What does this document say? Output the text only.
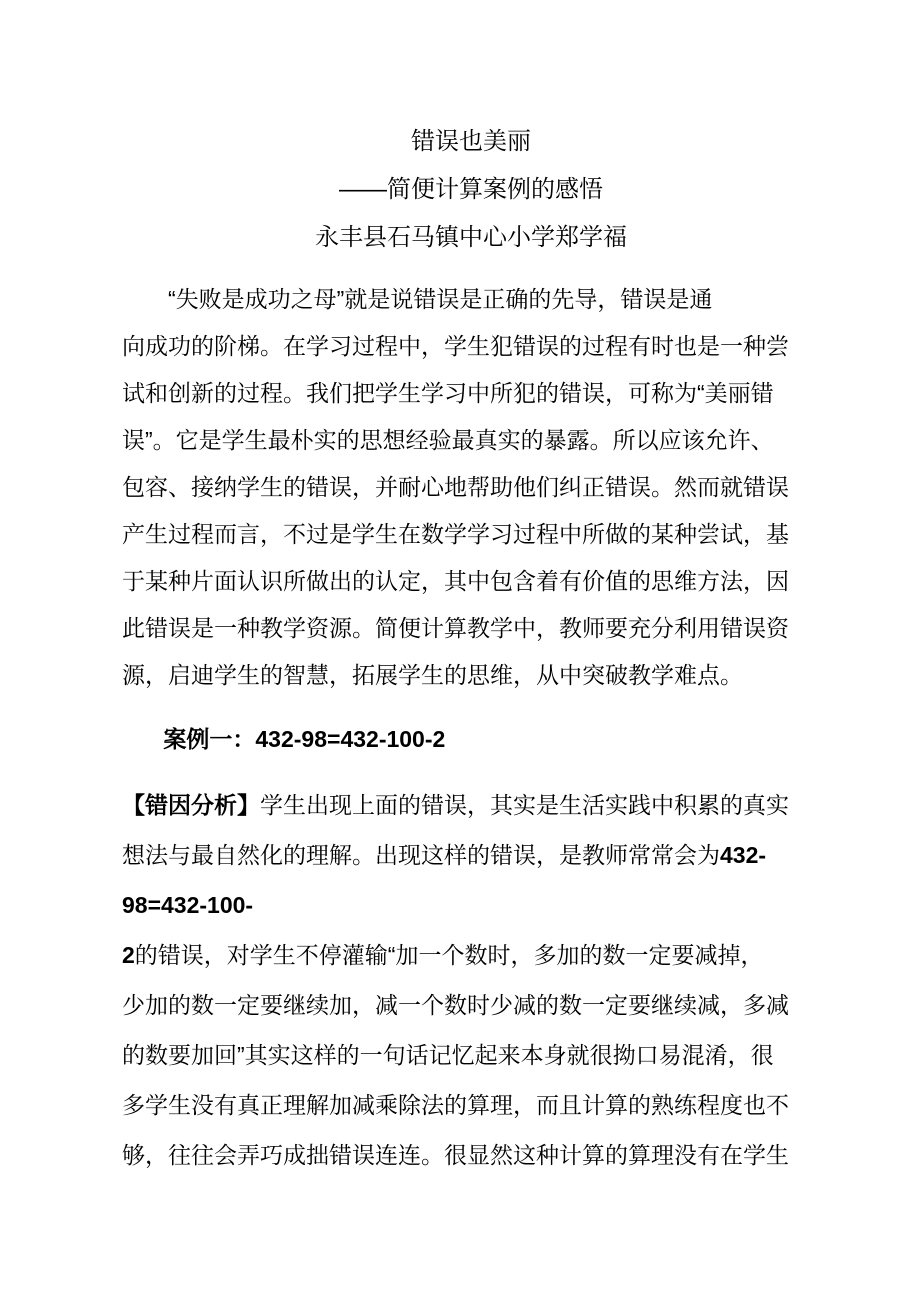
错误也美丽
——简便计算案例的感悟
永丰县石马镇中心小学郑学福
“失败是成功之母”就是说错误是正确的先导，错误是通
向成功的阶梯。在学习过程中，学生犯错误的过程有时也是一种尝
试和创新的过程。我们把学生学习中所犯的错误，可称为“美丽错
误”。它是学生最朴实的思想经验最真实的暴露。所以应该允许、
包容、接纳学生的错误，并耐心地帮助他们纠正错误。然而就错误
产生过程而言，不过是学生在数学学习过程中所做的某种尝试，基
于某种片面认识所做出的认定，其中包含着有价值的思维方法，因
此错误是一种教学资源。简便计算教学中，教师要充分利用错误资
源，启迪学生的智慧，拓展学生的思维，从中突破教学难点。
案例一：432-98=432-100-2
【错因分析】学生出现上面的错误，其实是生活实践中积累的真实
想法与最自然化的理解。出现这样的错误，是教师常常会为432-
98=432-100-
2的错误，对学生不停灌输“加一个数时，多加的数一定要减掉，
少加的数一定要继续加，减一个数时少减的数一定要继续减，多减
的数要加回”其实这样的一句话记忆起来本身就很拗口易混淆，很
多学生没有真正理解加减乘除法的算理，而且计算的熟练程度也不
够，往往会弄巧成拙错误连连。很显然这种计算的算理没有在学生
